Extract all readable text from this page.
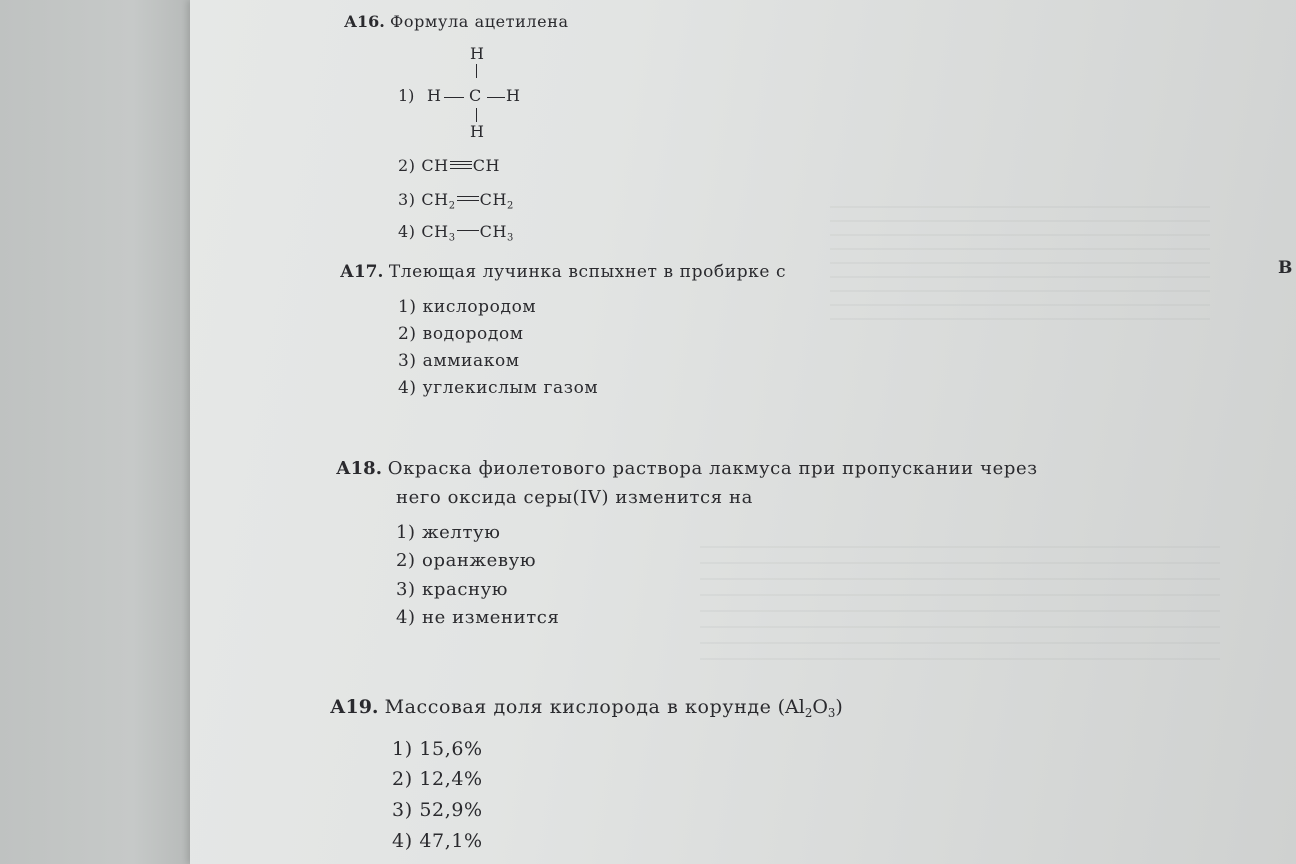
А16. Формула ацетилена
1)
H
H C H
H
2) CH CH
3) $CH_2$ $CH_2$
4) $CH_3$ $CH_3$
А17. Тлеющая лучинка вспыхнет в пробирке с
1) кислородом
2) водородом
3) аммиаком
4) углекислым газом
А18. Окраска фиолетового раствора лакмуса при пропускании через
него оксида серы(IV) изменится на
1) желтую
2) оранжевую
3) красную
4) не изменится
А19. Массовая доля кислорода в корунде $(Al_2O_3)$
1) 15,6%
2) 12,4%
3) 52,9%
4) 47,1%
В
